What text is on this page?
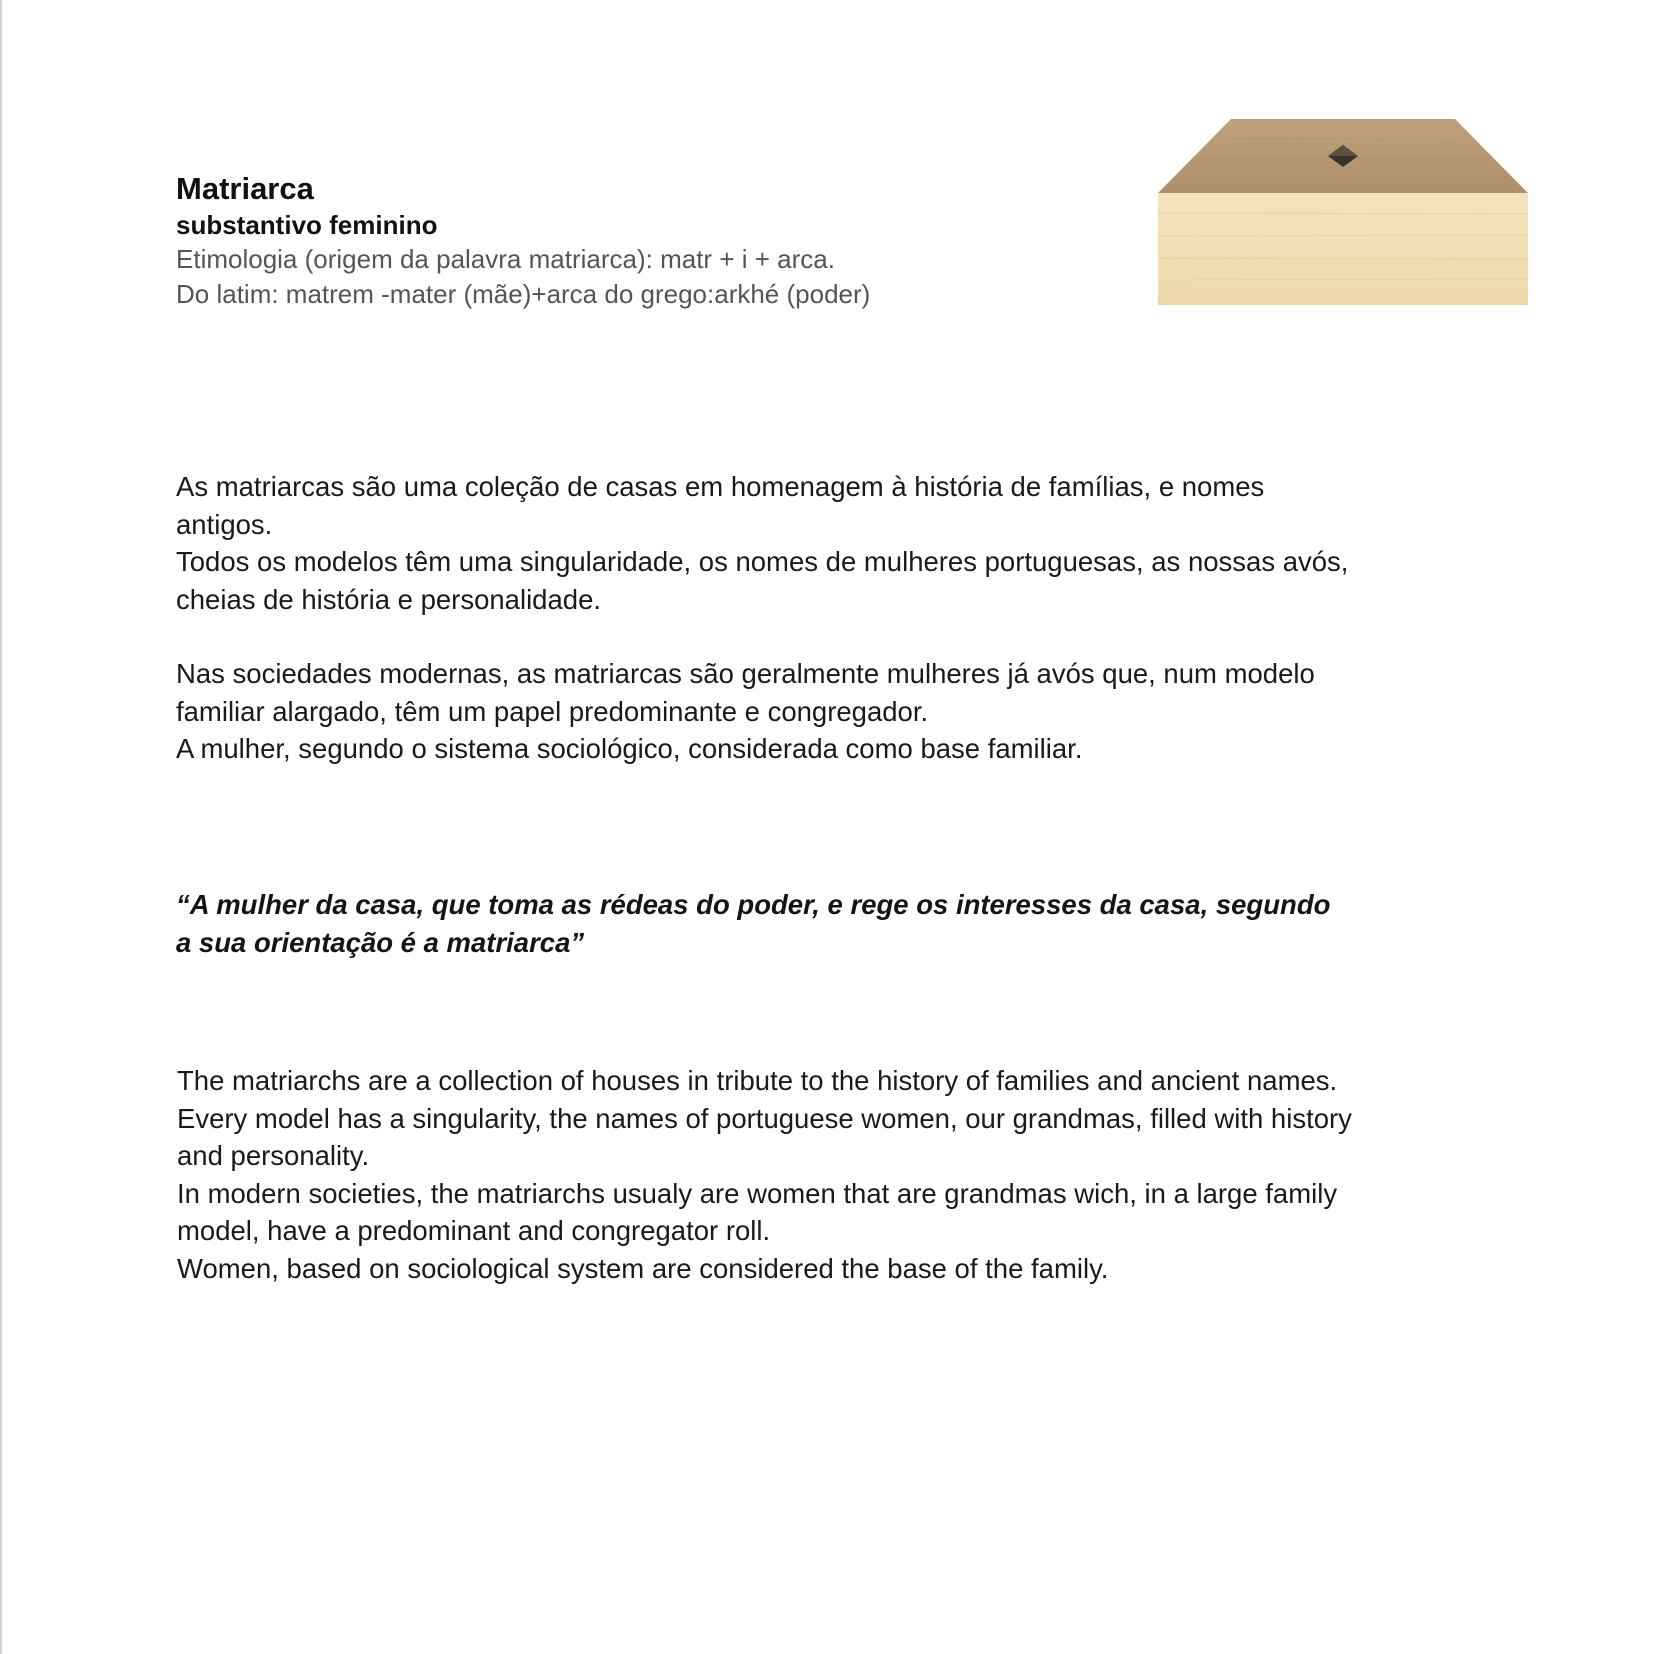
Matriarca

substantivo feminino

Etimologia (origem da palavra matriarca): matr + i + arca.

Do latim: matrem -mater (mãe)+arca do grego:arkhé (poder)

As matriarcas são uma coleção de casas em homenagem à história de famílias, e nomes
antigos.
Todos os modelos têm uma singularidade, os nomes de mulheres portuguesas, as nossas avós,
cheias de história e personalidade.
Nas sociedades modernas, as matriarcas são geralmente mulheres já avós que, num modelo
familiar alargado, têm um papel predominante e congregador.
A mulher, segundo o sistema sociológico, considerada como base familiar.
“A mulher da casa, que toma as rédeas do poder, e rege os interesses da casa, segundo
a sua orientação é a matriarca”

The matriarchs are a collection of houses in tribute to the history of families and ancient names.

Every model has a singularity, the names of portuguese women, our grandmas, filled with history

and personality.

In modern societies, the matriarchs usualy are women that are grandmas wich, in a large family

model, have a predominant and congregator roll.

Women, based on sociological system are considered the base of the family.
